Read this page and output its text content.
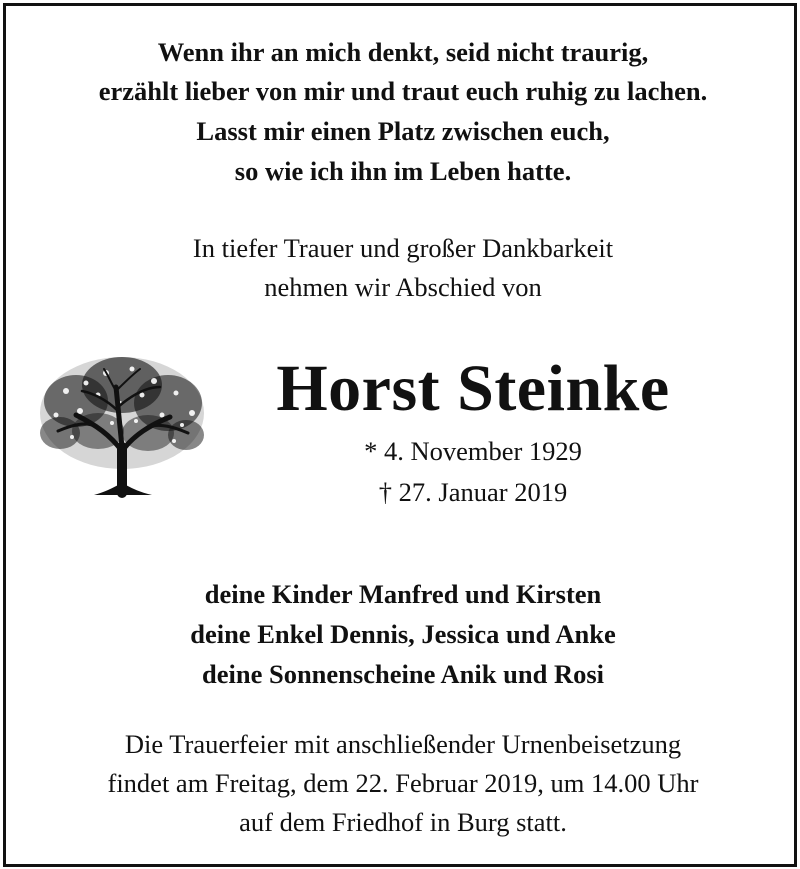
Wenn ihr an mich denkt, seid nicht traurig,
erzählt lieber von mir und traut euch ruhig zu lachen.
Lasst mir einen Platz zwischen euch,
so wie ich ihn im Leben hatte.
In tiefer Trauer und großer Dankbarkeit
nehmen wir Abschied von
Horst Steinke
* 4. November 1929
† 27. Januar 2019
deine Kinder Manfred und Kirsten
deine Enkel Dennis, Jessica und Anke
deine Sonnenscheine Anik und Rosi
Die Trauerfeier mit anschließender Urnenbeisetzung
findet am Freitag, dem 22. Februar 2019, um 14.00 Uhr
auf dem Friedhof in Burg statt.
